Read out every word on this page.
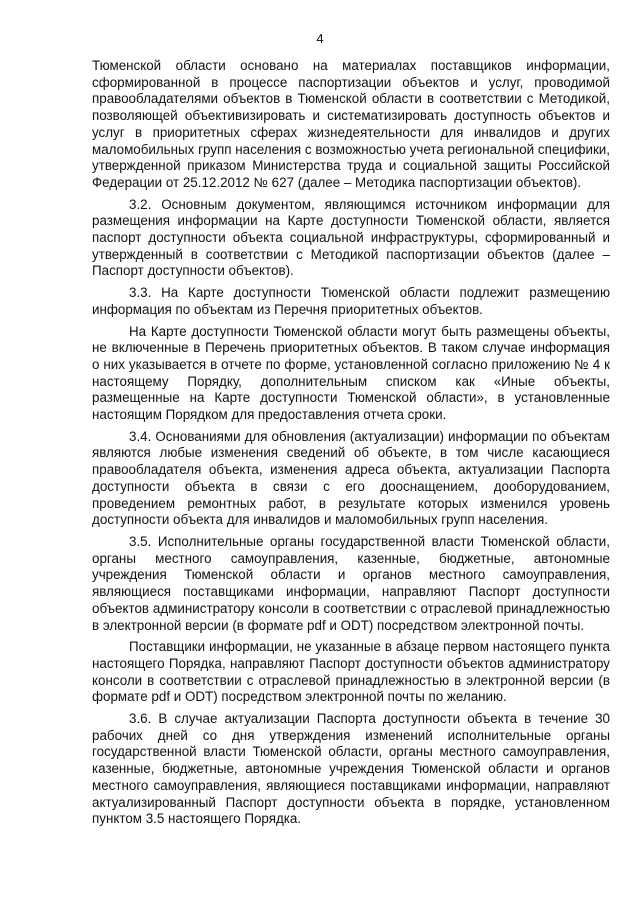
4

Тюменской области основано на материалах поставщиков информации, сформированной в процессе паспортизации объектов и услуг, проводимой правообладателями объектов в Тюменской области в соответствии с Методикой, позволяющей объективизировать и систематизировать доступность объектов и услуг в приоритетных сферах жизнедеятельности для инвалидов и других маломобильных групп населения с возможностью учета региональной специфики, утвержденной приказом Министерства труда и социальной защиты Российской Федерации от 25.12.2012 № 627 (далее – Методика паспортизации объектов).

3.2. Основным документом, являющимся источником информации для размещения информации на Карте доступности Тюменской области, является паспорт доступности объекта социальной инфраструктуры, сформированный и утвержденный в соответствии с Методикой паспортизации объектов (далее – Паспорт доступности объектов).

3.3. На Карте доступности Тюменской области подлежит размещению информация по объектам из Перечня приоритетных объектов.

На Карте доступности Тюменской области могут быть размещены объекты, не включенные в Перечень приоритетных объектов. В таком случае информация о них указывается в отчете по форме, установленной согласно приложению № 4 к настоящему Порядку, дополнительным списком как «Иные объекты, размещенные на Карте доступности Тюменской области», в установленные настоящим Порядком для предоставления отчета сроки.

3.4. Основаниями для обновления (актуализации) информации по объектам являются любые изменения сведений об объекте, в том числе касающиеся правообладателя объекта, изменения адреса объекта, актуализации Паспорта доступности объекта в связи с его дооснащением, дооборудованием, проведением ремонтных работ, в результате которых изменился уровень доступности объекта для инвалидов и маломобильных групп населения.

3.5. Исполнительные органы государственной власти Тюменской области, органы местного самоуправления, казенные, бюджетные, автономные учреждения Тюменской области и органов местного самоуправления, являющиеся поставщиками информации, направляют Паспорт доступности объектов администратору консоли в соответствии с отраслевой принадлежностью в электронной версии (в формате pdf и ODT) посредством электронной почты.

Поставщики информации, не указанные в абзаце первом настоящего пункта настоящего Порядка, направляют Паспорт доступности объектов администратору консоли в соответствии с отраслевой принадлежностью в электронной версии (в формате pdf и ODT) посредством электронной почты по желанию.

3.6. В случае актуализации Паспорта доступности объекта в течение 30 рабочих дней со дня утверждения изменений исполнительные органы государственной власти Тюменской области, органы местного самоуправления, казенные, бюджетные, автономные учреждения Тюменской области и органов местного самоуправления, являющиеся поставщиками информации, направляют актуализированный Паспорт доступности объекта в порядке, установленном пунктом 3.5 настоящего Порядка.
